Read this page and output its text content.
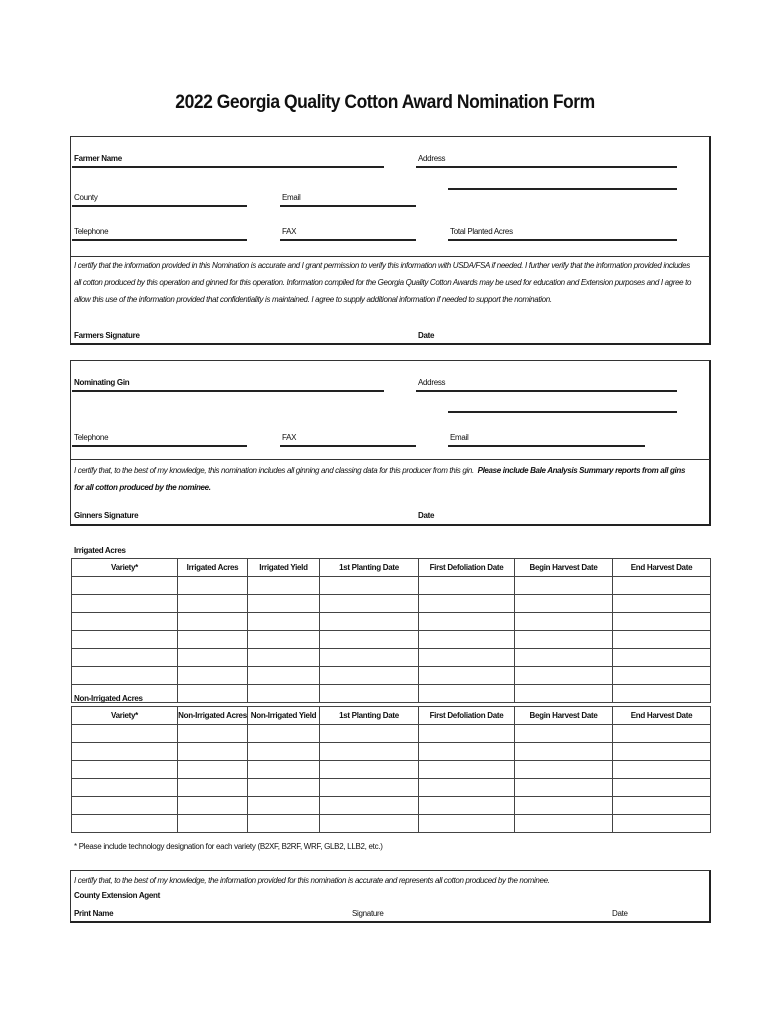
2022 Georgia Quality Cotton Award Nomination Form
Farmer Name	Address
County	Email
Telephone	FAX	Total Planted Acres
I certify that the information provided in this Nomination is accurate and I grant permission to verify this information with USDA/FSA if needed. I further verify that the information provided includes all cotton produced by this operation and ginned for this operation. Information compiled for the Georgia Quality Cotton Awards may be used for education and Extension purposes and I agree to allow this use of the information provided that confidentiality is maintained. I agree to supply additional information if needed to support the nomination.
Farmers Signature	Date
Nominating Gin	Address
Telephone	FAX	Email
I certify that, to the best of my knowledge, this nomination includes all ginning and classing data for this producer from this gin. Please include Bale Analysis Summary reports from all gins for all cotton produced by the nominee.
Ginners Signature	Date
Irrigated Acres
Variety*	Irrigated Acres	Irrigated Yield	1st Planting Date	First Defoliation Date	Begin Harvest Date	End Harvest Date

Non-Irrigated Acres
Variety*	Non-Irrigated Acres	Non-Irrigated Yield	1st Planting Date	First Defoliation Date	Begin Harvest Date	End Harvest Date

* Please include technology designation for each variety (B2XF, B2RF, WRF, GLB2, LLB2, etc.)
I certify that, to the best of my knowledge, the information provided for this nomination is accurate and represents all cotton produced by the nominee.
County Extension Agent
Print Name	Signature	Date
